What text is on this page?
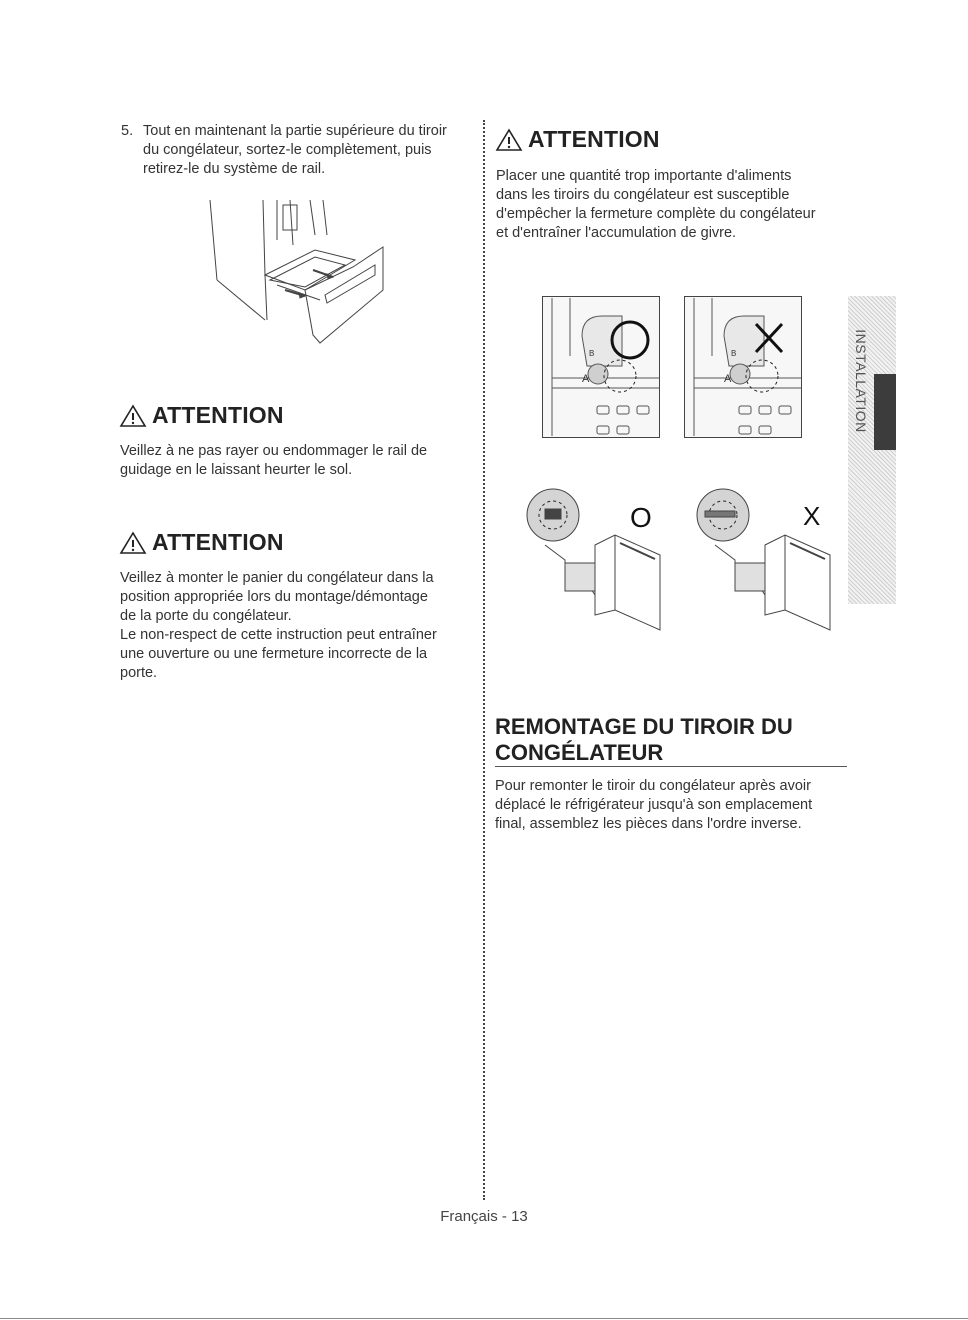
5. Tout en maintenant la partie supérieure du tiroir
du congélateur, sortez-le complètement, puis
retirez-le du système de rail.
ATTENTION
Veillez à ne pas rayer ou endommager le rail de
guidage en le laissant heurter le sol.
ATTENTION
Veillez à monter le panier du congélateur dans la
position appropriée lors du montage/démontage
de la porte du congélateur.
Le non-respect de cette instruction peut entraîner
une ouverture ou une fermeture incorrecte de la
porte.
ATTENTION
Placer une quantité trop importante d'aliments
dans les tiroirs du congélateur est susceptible
d'empêcher la fermeture complète du congélateur
et d'entraîner l'accumulation de givre.
A
B
A
B
O	X
REMONTAGE DU TIROIR DU
CONGÉLATEUR
Pour remonter le tiroir du congélateur après avoir
déplacé le réfrigérateur jusqu'à son emplacement
final, assemblez les pièces dans l'ordre inverse.
INSTALLATION
Français - 13
